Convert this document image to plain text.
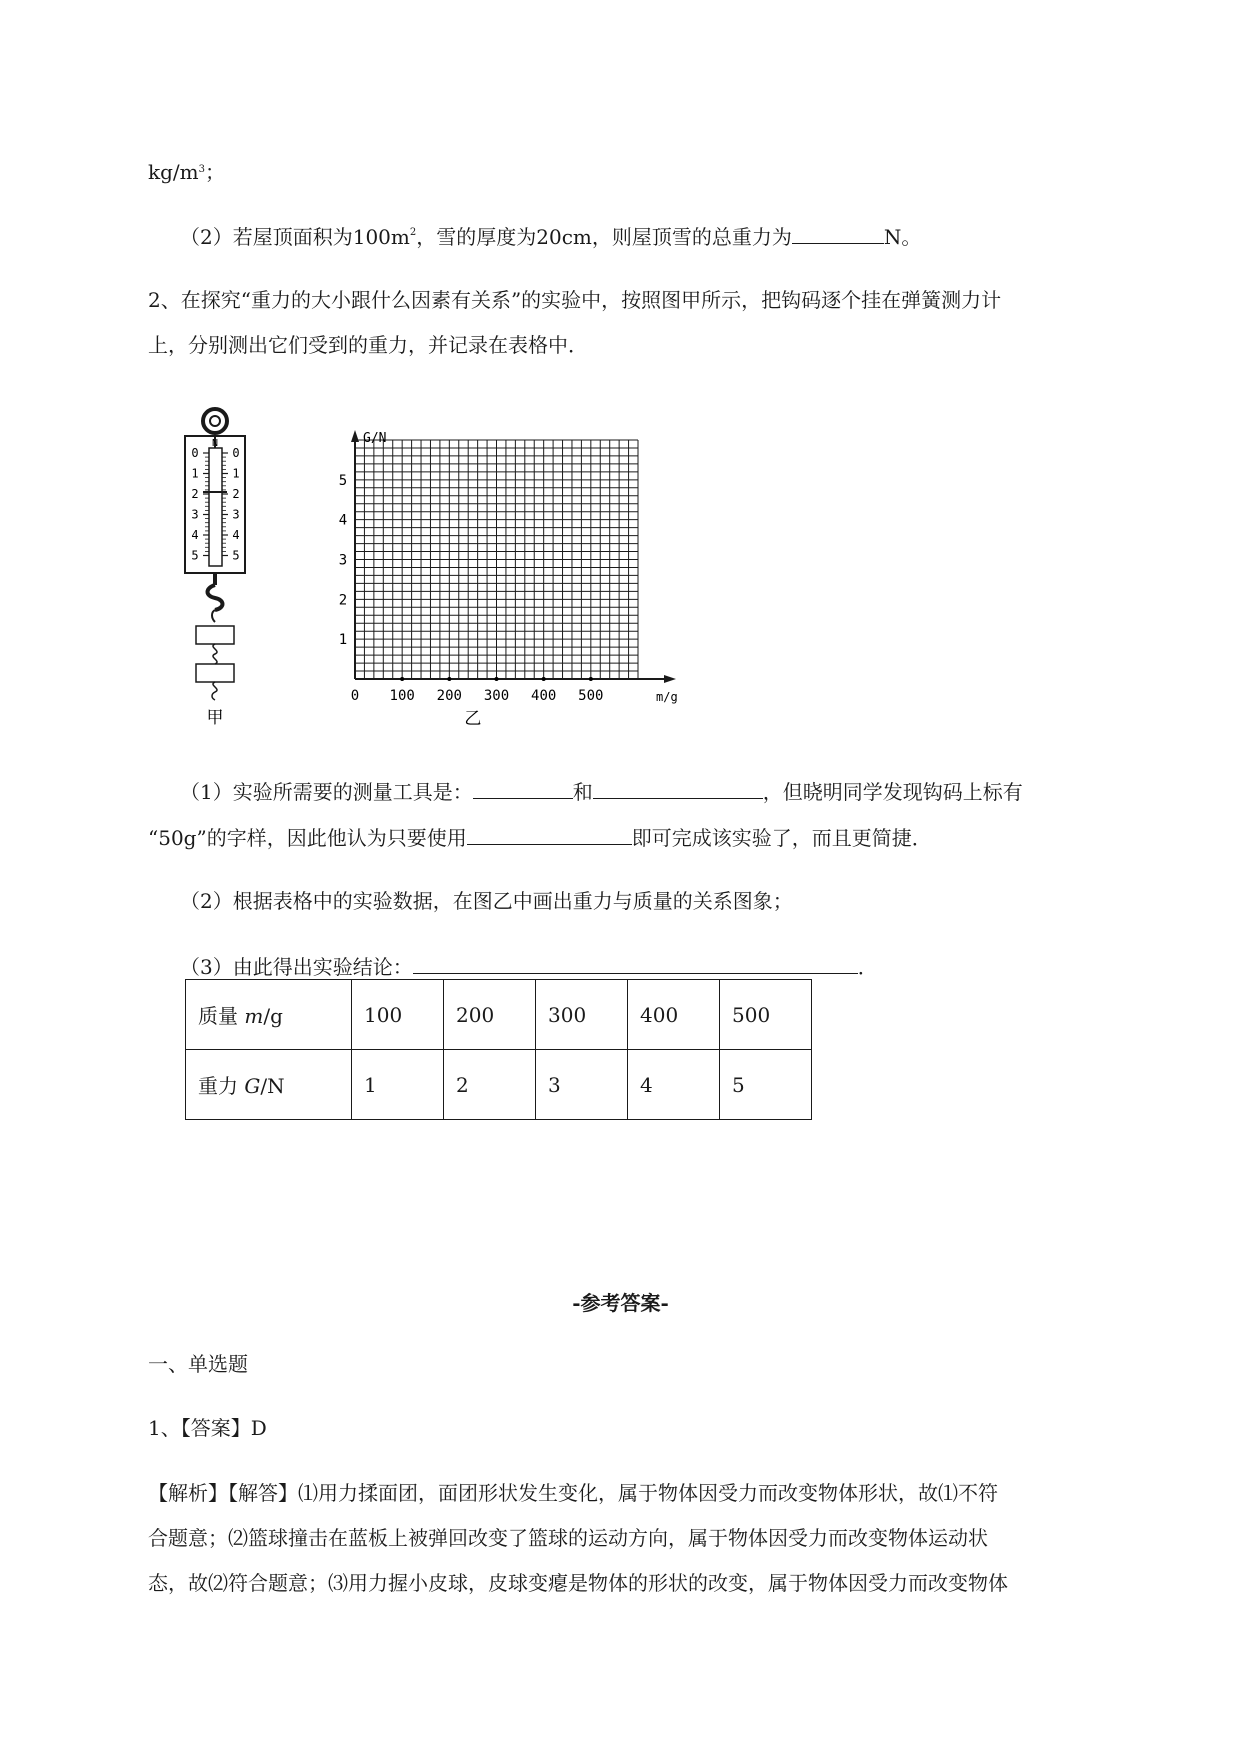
$kg/m^3$；
（2）若屋顶面积为$100m^2$，雪的厚度为20cm，则屋顶雪的总重力为	N。
2、在探究“重力的大小跟什么因素有关系”的实验中，按照图甲所示，把钩码逐个挂在弹簧测力计
上，分别测出它们受到的重力，并记录在表格中．
N
0	0
1	1
2	2
3	3
4	4
5	5
甲
G/N
m/g
0 100 200 300 400 500
1
2
3
4
5
乙
（1）实验所需要的测量工具是：	和	，但晓明同学发现钩码上标有
“50g”的字样，因此他认为只要使用	即可完成该实验了，而且更简捷．
（2）根据表格中的实验数据，在图乙中画出重力与质量的关系图象；
（3）由此得出实验结论：	．
质量 m/g	100	200	300	400	500
重力 G/N	1	2	3	4	5
-参考答案-
一、单选题
1、【答案】D
【解析】【解答】⑴用力揉面团，面团形状发生变化，属于物体因受力而改变物体形状，故⑴不符
合题意；⑵篮球撞击在蓝板上被弹回改变了篮球的运动方向，属于物体因受力而改变物体运动状
态，故⑵符合题意；⑶用力握小皮球，皮球变瘪是物体的形状的改变，属于物体因受力而改变物体
